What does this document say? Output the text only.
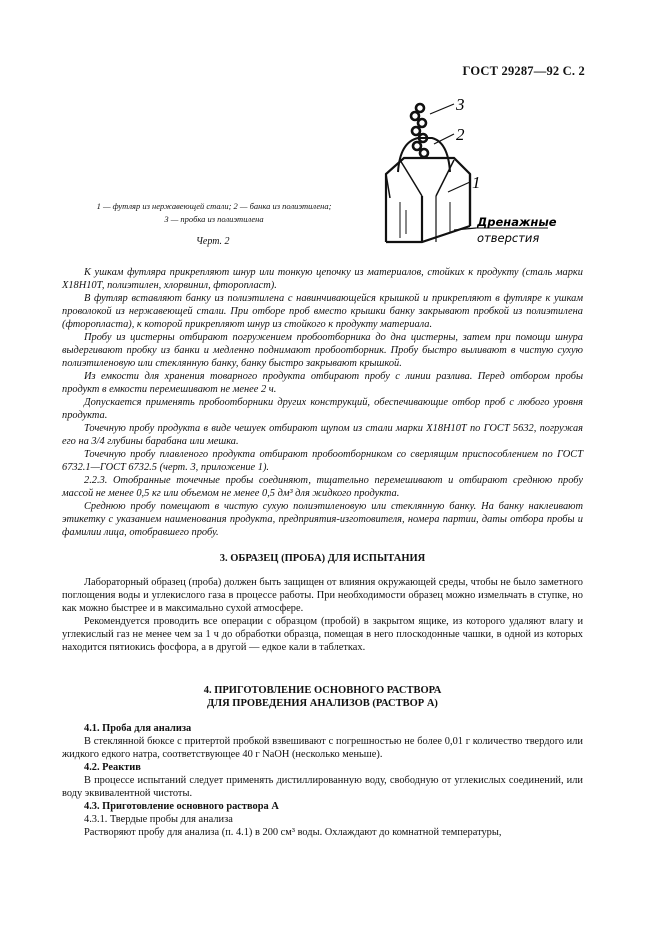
ГОСТ 29287—92 С. 2
3
2
1
Дренажные
отверстия
1 — футляр из нержавеющей стали; 2 — банка из полиэтилена;
3 — пробка из полиэтилена
Черт. 2

К ушкам футляра прикрепляют шнур или тонкую цепочку из материалов, стойких к продукту (сталь марки Х18Н10Т, полиэтилен, хлорвинил, фторопласт).

В футляр вставляют банку из полиэтилена с навинчивающейся крышкой и прикрепляют в футляре к ушкам проволокой из нержавеющей стали. При отборе проб вместо крышки банку закрывают пробкой из полиэтилена (фторопласта), к которой прикрепляют шнур из стойкого к продукту материала.

Пробу из цистерны отбирают погружением пробоотборника до дна цистерны, затем при помощи шнура выдергивают пробку из банки и медленно поднимают пробоотборник. Пробу быстро выливают в чистую сухую полиэтиленовую или стеклянную банку, банку быстро закрывают крышкой.

Из емкости для хранения товарного продукта отбирают пробу с линии разлива. Перед отбором пробы продукт в емкости перемешивают не менее 2 ч.

Допускается применять пробоотборники других конструкций, обеспечивающие отбор проб с любого уровня продукта.

Точечную пробу продукта в виде чешуек отбирают щупом из стали марки Х18Н10Т по ГОСТ 5632, погружая его на 3/4 глубины барабана или мешка.

Точечную пробу плавленого продукта отбирают пробоотборником со сверлящим приспособлением по ГОСТ 6732.1—ГОСТ 6732.5 (черт. 3, приложение 1).

2.2.3. Отобранные точечные пробы соединяют, тщательно перемешивают и отбирают среднюю пробу массой не менее 0,5 кг или объемом не менее 0,5 дм³ для жидкого продукта.

Среднюю пробу помещают в чистую сухую полиэтиленовую или стеклянную банку. На банку наклеивают этикетку с указанием наименования продукта, предприятия-изготовителя, номера партии, даты отбора пробы и фамилии лица, отобравшего пробу.

3. ОБРАЗЕЦ (ПРОБА) ДЛЯ ИСПЫТАНИЯ

Лабораторный образец (проба) должен быть защищен от влияния окружающей среды, чтобы не было заметного поглощения воды и углекислого газа в процессе работы. При необходимости образец можно измельчать в ступке, но как можно быстрее и в максимально сухой атмосфере.

Рекомендуется проводить все операции с образцом (пробой) в закрытом ящике, из которого удаляют влагу и углекислый газ не менее чем за 1 ч до обработки образца, помещая в него плоскодонные чашки, в одной из которых находится пятиокись фосфора, а в другой — едкое кали в таблетках.

4. ПРИГОТОВЛЕНИЕ ОСНОВНОГО РАСТВОРА
ДЛЯ ПРОВЕДЕНИЯ АНАЛИЗОВ (РАСТВОР А)

4.1. Проба для анализа

В стеклянной бюксе с притертой пробкой взвешивают с погрешностью не более 0,01 г количество твердого или жидкого едкого натра, соответствующее 40 г NaOH (несколько меньше).

4.2. Реактив

В процессе испытаний следует применять дистиллированную воду, свободную от углекислых соединений, или воду эквивалентной чистоты.

4.3. Приготовление основного раствора А

4.3.1. Твердые пробы для анализа

Растворяют пробу для анализа (п. 4.1) в 200 см³ воды. Охлаждают до комнатной температуры,
